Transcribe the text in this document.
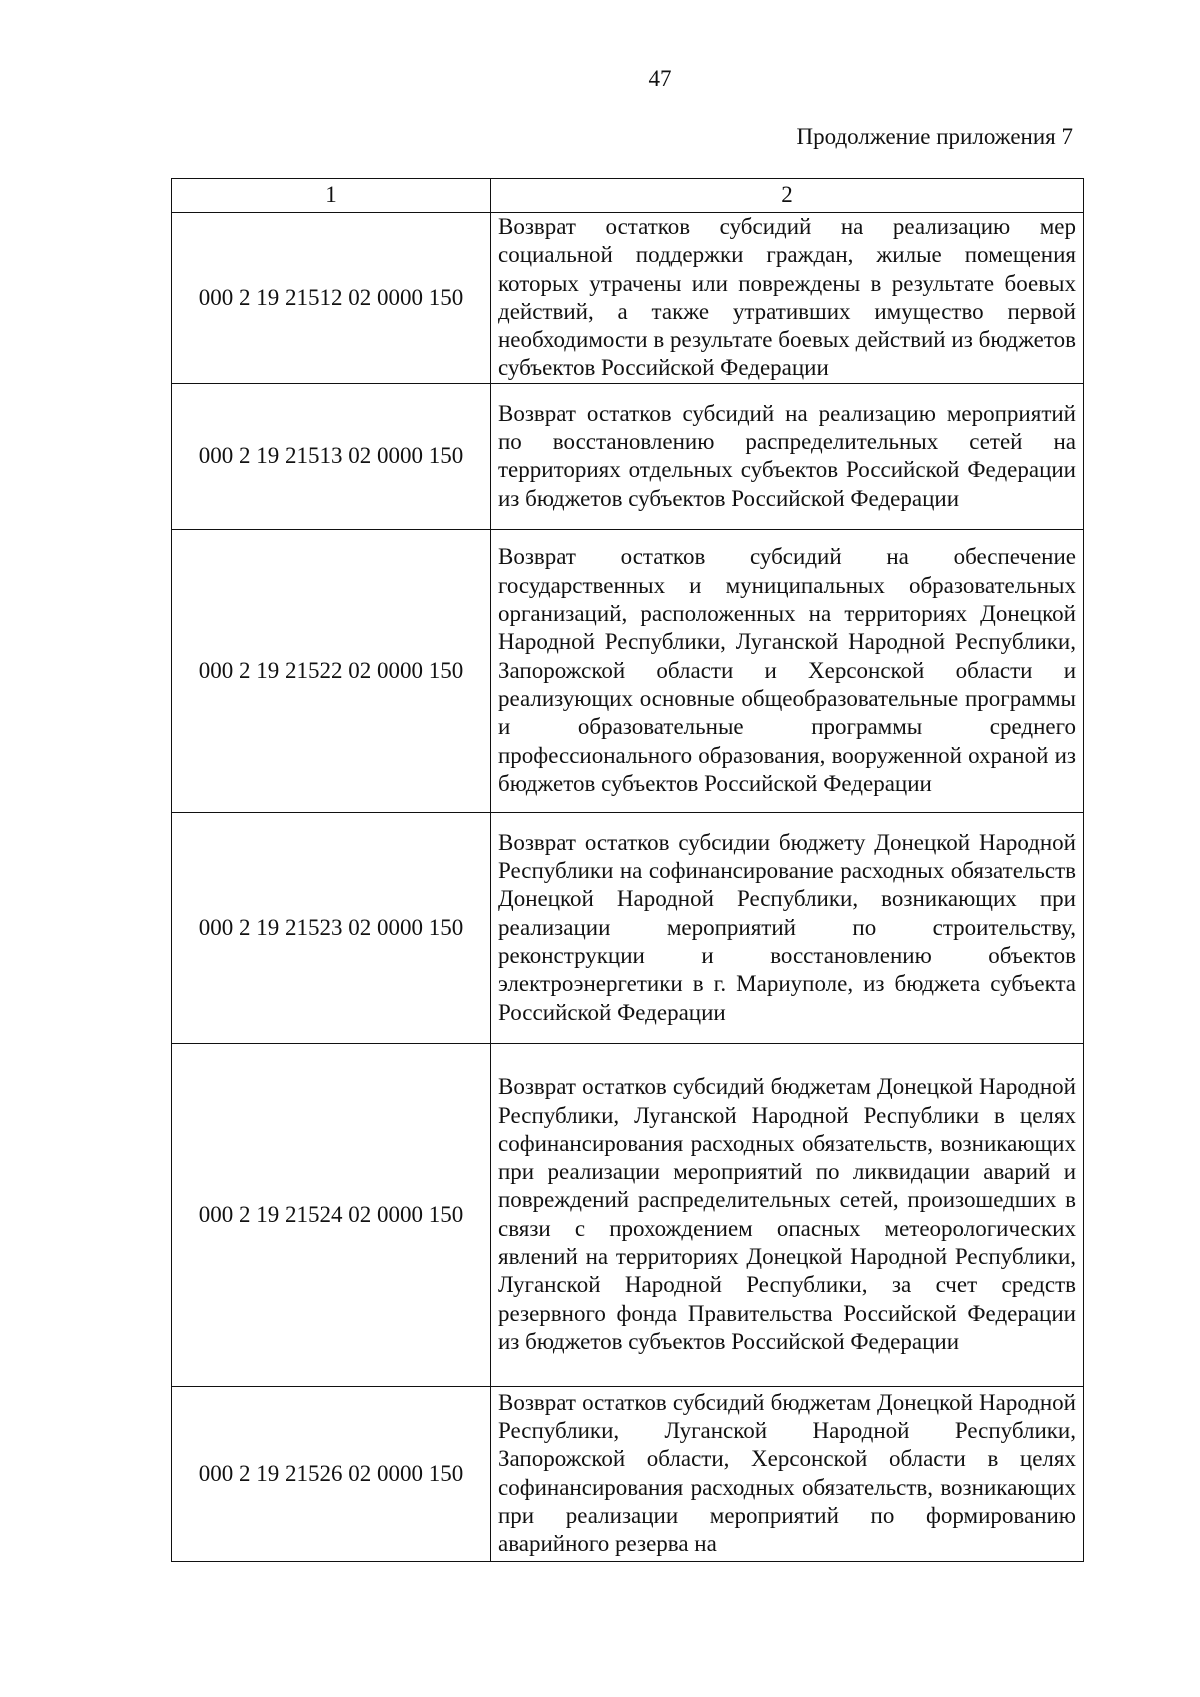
47
Продолжение приложения 7
1	2
000 2 19 21512 02 0000 150	Возврат остатков субсидий на реализацию мер социальной поддержки граждан, жилые помещения которых утрачены или повреждены в результате боевых действий, а также утративших имущество первой необходимости в результате боевых действий из бюджетов субъектов Российской Федерации
000 2 19 21513 02 0000 150	Возврат остатков субсидий на реализацию мероприятий по восстановлению распределительных сетей на территориях отдельных субъектов Российской Федерации из бюджетов субъектов Российской Федерации
000 2 19 21522 02 0000 150	Возврат остатков субсидий на обеспечение государственных и муниципальных образовательных организаций, расположенных на территориях Донецкой Народной Республики, Луганской Народной Республики, Запорожской области и Херсонской области и реализующих основные общеобразовательные программы и образовательные программы среднего профессионального образования, вооруженной охраной из бюджетов субъектов Российской Федерации
000 2 19 21523 02 0000 150	Возврат остатков субсидии бюджету Донецкой Народной Республики на софинансирование расходных обязательств Донецкой Народной Республики, возникающих при реализации мероприятий по строительству, реконструкции и восстановлению объектов электроэнергетики в г. Мариуполе, из бюджета субъекта Российской Федерации
000 2 19 21524 02 0000 150	Возврат остатков субсидий бюджетам Донецкой Народной Республики, Луганской Народной Республики в целях софинансирования расходных обязательств, возникающих при реализации мероприятий по ликвидации аварий и повреждений распределительных сетей, произошедших в связи с прохождением опасных метеорологических явлений на территориях Донецкой Народной Республики, Луганской Народной Республики, за счет средств резервного фонда Правительства Российской Федерации из бюджетов субъектов Российской Федерации
000 2 19 21526 02 0000 150	Возврат остатков субсидий бюджетам Донецкой Народной Республики, Луганской Народной Республики, Запорожской области, Херсонской области в целях софинансирования расходных обязательств, возникающих при реализации мероприятий по формированию аварийного резерва на
